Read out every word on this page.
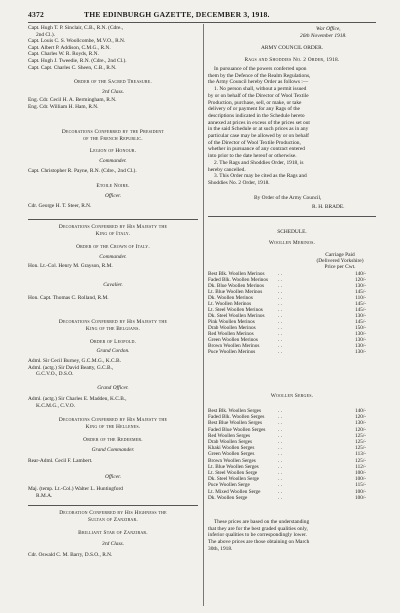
4372	THE EDINBURGH GAZETTE, DECEMBER 3, 1918.
Capt. Hugh T. P. Sinclair, C.B., R.N. (Cdre.,
2nd Cl.).
Capt. Louis C. S. Woollcombe, M.V.O., R.N.
Capt. Albert P. Addison, C.M.G., R.N.
Capt. Charles W. R. Royds, R.N.
Capt. Hugh J. Tweedie, R.N. (Cdre., 2nd Cl.).
Capt. Capt. Charles C. Sheen, C.B., R.N.
Order of the Sacred Treasure.
3rd Class.
Eng. Cdr. Cecil H. A. Bermingham, R.N.
Eng. Cdr. William H. Ham, R.N.
Decorations Conferred by the President
of the French Republic.
Legion of Honour.
Commander.
Capt. Christopher R. Payne, R.N. (Cdre., 2nd Cl.).
Etoile Noire.
Officer.
Cdr. George H. T. Steer, R.N.
Decorations Conferred by His Majesty the
King of Italy.
Order of the Crown of Italy.
Commander.
Hon. Lt.-Col. Henry M. Grayson, R.M.
Cavalier.
Hon. Capt. Thomas C. Rolland, R.M.
Decorations Conferred by His Majesty the
King of the Belgians.
Order of Leopold.
Grand Cordon.
Adml. Sir Cecil Burney, G.C.M.G., K.C.B.
Adml. (actg.) Sir David Beatty, G.C.B.,
G.C.V.O., D.S.O.
Grand Officer.
Adml. (actg.) Sir Charles E. Madden, K.C.B.,
K.C.M.G., C.V.O.
Decorations Conferred by His Majesty the
King of the Hellenes.
Order of the Redeemer.
Grand Commander.
Rear-Adml. Cecil F. Lambert.
Officer.
Maj. (temp. Lt.-Col.) Walter L. Huntingford
R.M.A.
Decoration Conferred by His Highness the
Sultan of Zanzibar.
Brilliant Star of Zanzibar.
3rd Class.
Cdr. Oswald C. M. Barry, D.S.O., R.N.
War Office,
26th November 1918.
ARMY COUNCIL ORDER.
Rags and Shoddies No. 2 Order, 1918.
In pursuance of the powers conferred upon
them by the Defence of the Realm Regulations,
the Army Council hereby Order as follows :—
1. No person shall, without a permit issued
by or on behalf of the Director of Wool Textile
Production, purchase, sell, or make, or take
delivery of or payment for any Rags of the
descriptions indicated in the Schedule hereto
annexed at prices in excess of the prices set out
in the said Schedule or at such prices as in any
particular case may be allowed by or on behalf
of the Director of Wool Textile Production,
whether in pursuance of any contract entered
into prior to the date hereof or otherwise.
2. The Rags and Shoddies Order, 1918, is
hereby cancelled.
3. This Order may be cited as the Rags and
Shoddies No. 2 Order, 1918.
By Order of the Army Council,
R. H. BRADE.
SCHEDULE.
Woollen Merinos.
Carriage Paid
(Delivered Yorkshire)
Price per Cwt.
Best Blk. Woollen Merinos	. .	140/-
Faded Blk. Woollen Merinos . .	120/-
Dk. Blue Woollen Merinos	. .	130/-
Lt. Blue Woollen Merinos	. .	145/-
Dk. Woollen Merinos	. .	110/-
Lt. Woollen Merinos	. .	145/-
Lt. Steel Woollen Merinos	. .	145/-
Dk. Steel Woollen Merinos	. .	130/-
Pink Woollen Merinos	. .	145/-
Drab Woollen Merinos	. .	150/-
Red Woollen Merinos	. .	130/-
Green Woollen Merinos	. .	130/-
Brown Woollen Merinos	. .	130/-
Puce Woollen Merinos	. .	130/-
Woollen Serges.
Best Blk. Woollen Serges	. .	140/-
Faded Blk. Woollen Serges	. .	120/-
Best Blue Woollen Serges	. .	130/-
Faded Blue Woollen Serges . .	120/-
Red Woollen Serges	. .	125/-
Drab Woollen Serges	. .	125/-
Khaki Woollen Serges	. .	125/-
Green Woollen Serges	. .	113/-
Brown Woollen Serges	. .	125/-
Lt. Blue Woollen Serges	. .	112/-
Lt. Steel Woollen Serge	. .	100/-
Dk. Steel Woollen Serge	. .	100/-
Puce Woollen Serge	. .	115/-
Lt. Mixed Woollen Serge	. .	100/-
Dk. Woollen Serge	. .	100/-
These prices are based on the understanding
that they are for the best graded qualities only,
inferior qualities to be correspondingly lower.
The above prices are those obtaining on March
30th, 1918.
